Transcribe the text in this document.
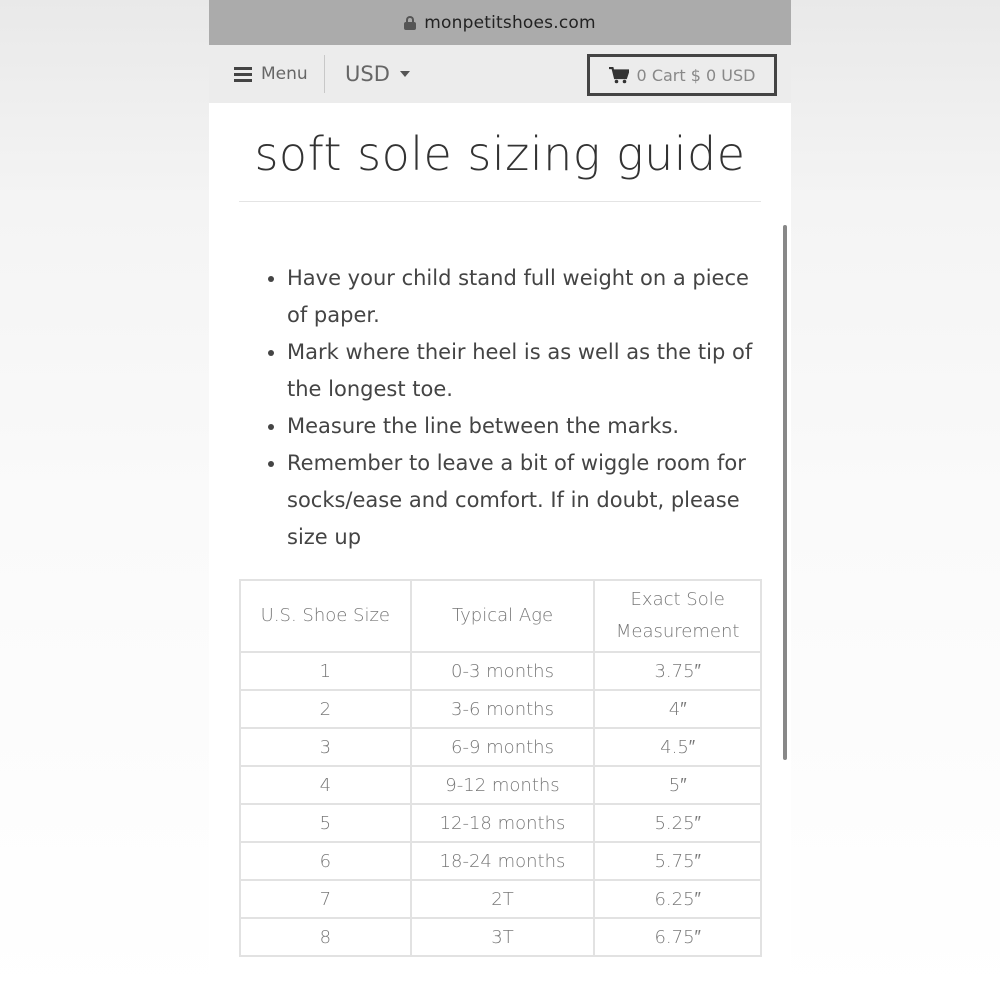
monpetitshoes.com
Menu USD	0 Cart $ 0 USD
soft sole sizing guide
• Have your child stand full weight on a piece of paper.
• Mark where their heel is as well as the tip of the longest toe.
• Measure the line between the marks.
• Remember to leave a bit of wiggle room for socks/ease and comfort. If in doubt, please size up
U.S. Shoe Size	Typical Age	Exact Sole Measurement
1	0-3 months	3.75″
2	3-6 months	4″
3	6-9 months	4.5″
4	9-12 months	5″
5	12-18 months	5.25″
6	18-24 months	5.75″
7	2T	6.25″
8	3T	6.75″
